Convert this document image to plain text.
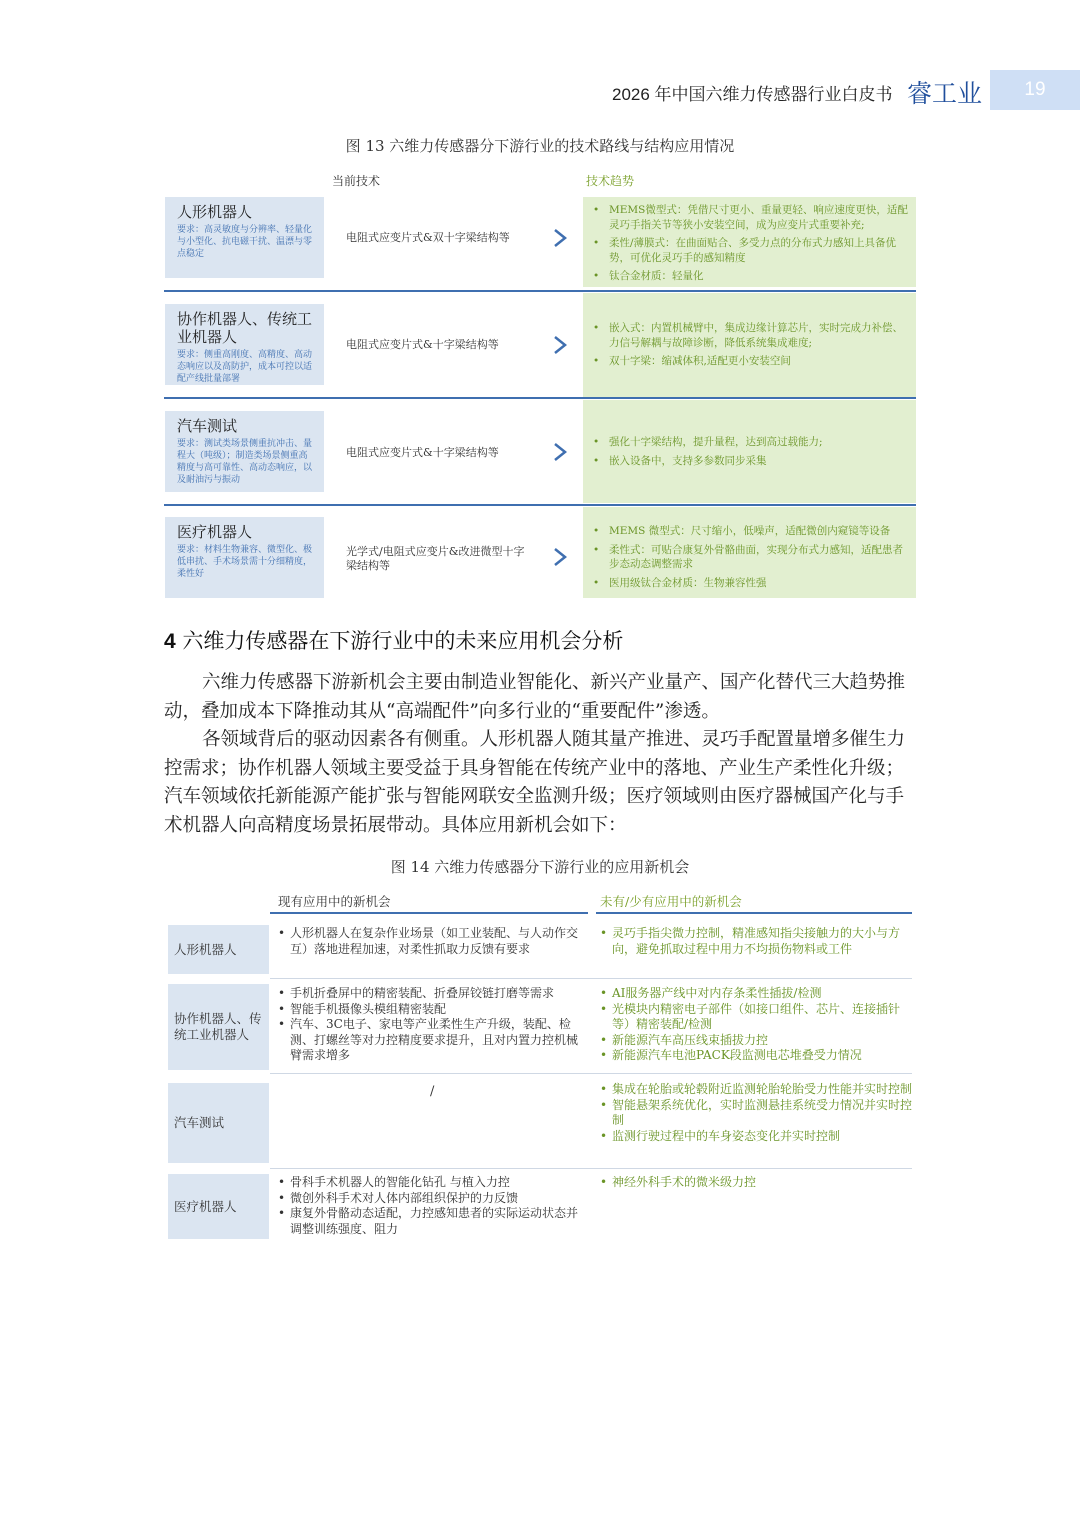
2026 年中国六维力传感器行业白皮书 睿工业	19
图 13 六维力传感器分下游行业的技术路线与结构应用情况
当前技术	技术趋势
人形机器人
要求：高灵敏度与分辨率、轻量化与小型化、抗电磁干扰、温漂与零点稳定
电阻式应变片式&双十字梁结构等
• MEMS微型式：凭借尺寸更小、重量更轻、响应速度更快，适配灵巧手指关节等狭小安装空间，成为应变片式重要补充;
• 柔性/薄膜式：在曲面贴合、多受力点的分布式力感知上具备优势，可优化灵巧手的感知精度
• 钛合金材质：轻量化
协作机器人、传统工业机器人
要求：侧重高刚度、高精度、高动态响应以及高防护，成本可控以适配产线批量部署
电阻式应变片式&十字梁结构等
• 嵌入式：内置机械臂中，集成边缘计算芯片，实时完成力补偿、力信号解耦与故障诊断，降低系统集成难度;
• 双十字梁：缩减体积,适配更小安装空间
汽车测试
要求：测试类场景侧重抗冲击、量程大（吨级）；制造类场景侧重高精度与高可靠性、高动态响应，以及耐油污与振动
电阻式应变片式&十字梁结构等
• 强化十字梁结构，提升量程，达到高过载能力;
• 嵌入设备中，支持多参数同步采集
医疗机器人
要求：材料生物兼容、微型化、极低串扰、手术场景需十分细精度，柔性好
光学式/电阻式应变片&改进微型十字梁结构等
• MEMS 微型式：尺寸缩小，低噪声，适配微创内窥镜等设备
• 柔性式：可贴合康复外骨骼曲面，实现分布式力感知，适配患者步态动态调整需求
• 医用级钛合金材质：生物兼容性强
4 六维力传感器在下游行业中的未来应用机会分析
六维力传感器下游新机会主要由制造业智能化、新兴产业量产、国产化替代三大趋势推动，叠加成本下降推动其从“高端配件”向多行业的“重要配件”渗透。
各领域背后的驱动因素各有侧重。人形机器人随其量产推进、灵巧手配置量增多催生力控需求；协作机器人领域主要受益于具身智能在传统产业中的落地、产业生产柔性化升级；汽车领域依托新能源产能扩张与智能网联安全监测升级；医疗领域则由医疗器械国产化与手术机器人向高精度场景拓展带动。具体应用新机会如下：
图 14 六维力传感器分下游行业的应用新机会
现有应用中的新机会	未有/少有应用中的新机会
人形机器人
• 人形机器人在复杂作业场景（如工业装配、与人动作交互）落地进程加速，对柔性抓取力反馈有要求
• 灵巧手指尖微力控制，精准感知指尖接触力的大小与方向，避免抓取过程中用力不均损伤物料或工件
协作机器人、传统工业机器人
• 手机折叠屏中的精密装配、折叠屏铰链打磨等需求
• 智能手机摄像头模组精密装配
• 汽车、3C电子、家电等产业柔性生产升级，装配、检测、打螺丝等对力控精度要求提升，且对内置力控机械臂需求增多
• AI服务器产线中对内存条柔性插拔/检测
• 光模块内精密电子部件（如接口组件、芯片、连接插针等）精密装配/检测
• 新能源汽车高压线束插拔力控
• 新能源汽车电池PACK段监测电芯堆叠受力情况
汽车测试
/
•	集成在轮胎或轮毂附近监测轮胎轮胎受力性能并实时控制
• 智能悬架系统优化，实时监测悬挂系统受力情况并实时控制
• 监测行驶过程中的车身姿态变化并实时控制
医疗机器人
• 骨科手术机器人的智能化钻孔 与植入力控
• 微创外科手术对人体内部组织保护的力反馈
• 康复外骨骼动态适配，力控感知患者的实际运动状态并调整训练强度、阻力
• 神经外科手术的微米级力控
